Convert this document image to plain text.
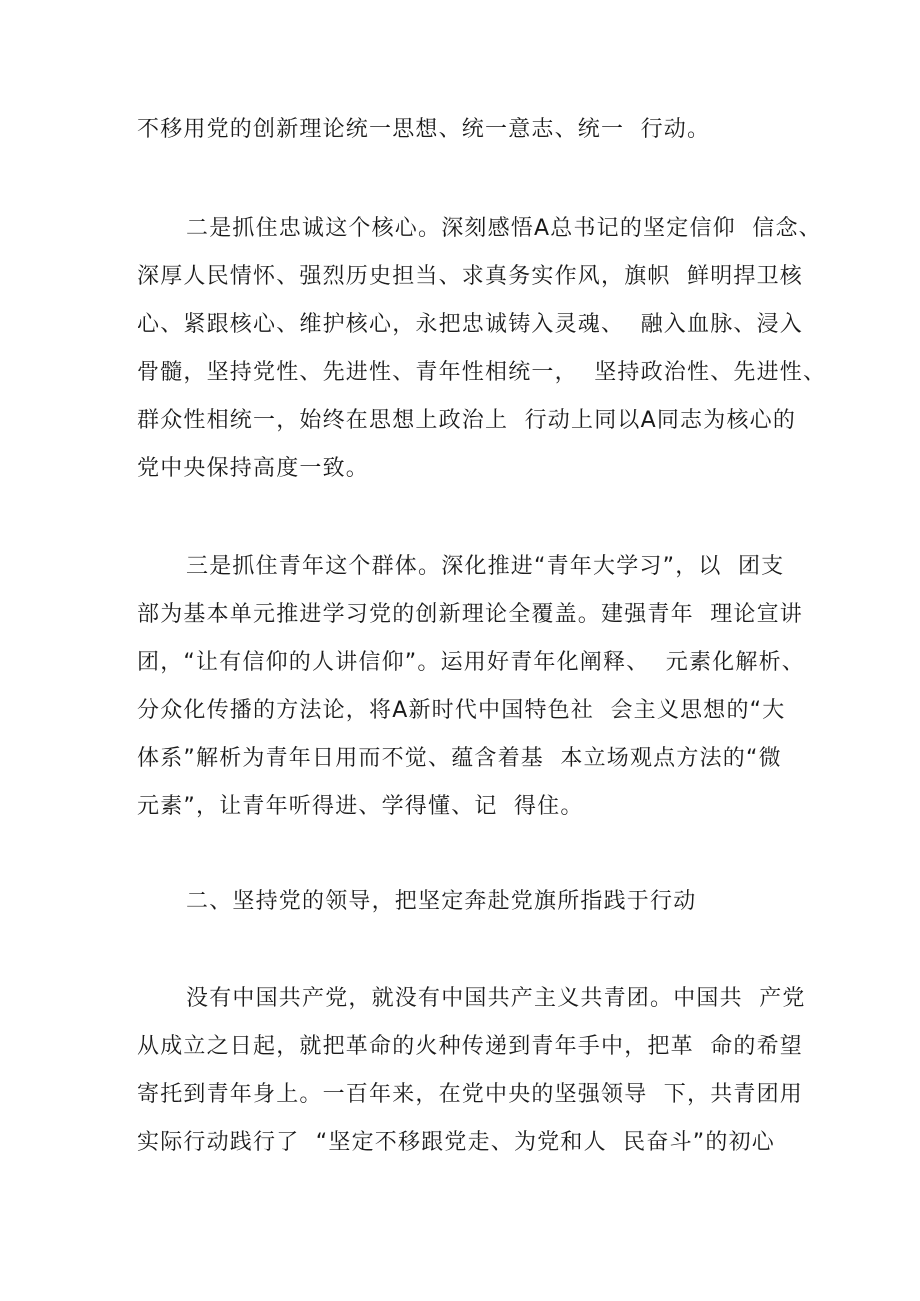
不移用党的创新理论统一思想、统一意志、统一  行动。
二是抓住忠诚这个核心。深刻感悟A总书记的坚定信仰  信念、
深厚人民情怀、强烈历史担当、求真务实作风，旗帜  鲜明捍卫核
心、紧跟核心、维护核心，永把忠诚铸入灵魂、  融入血脉、浸入
骨髓，坚持党性、先进性、青年性相统一，  坚持政治性、先进性、
群众性相统一，始终在思想上政治上  行动上同以A同志为核心的
党中央保持高度一致。
三是抓住青年这个群体。深化推进“青年大学习”，以  团支
部为基本单元推进学习党的创新理论全覆盖。建强青年  理论宣讲
团，“让有信仰的人讲信仰”。运用好青年化阐释、  元素化解析、
分众化传播的方法论，将A新时代中国特色社  会主义思想的“大
体系”解析为青年日用而不觉、蕴含着基  本立场观点方法的“微
元素”，让青年听得进、学得懂、记  得住。
二、坚持党的领导，把坚定奔赴党旗所指践于行动
没有中国共产党，就没有中国共产主义共青团。中国共  产党
从成立之日起，就把革命的火种传递到青年手中，把革  命的希望
寄托到青年身上。一百年来，在党中央的坚强领导  下，共青团用
实际行动践行了  “坚定不移跟党走、为党和人  民奋斗”的初心
